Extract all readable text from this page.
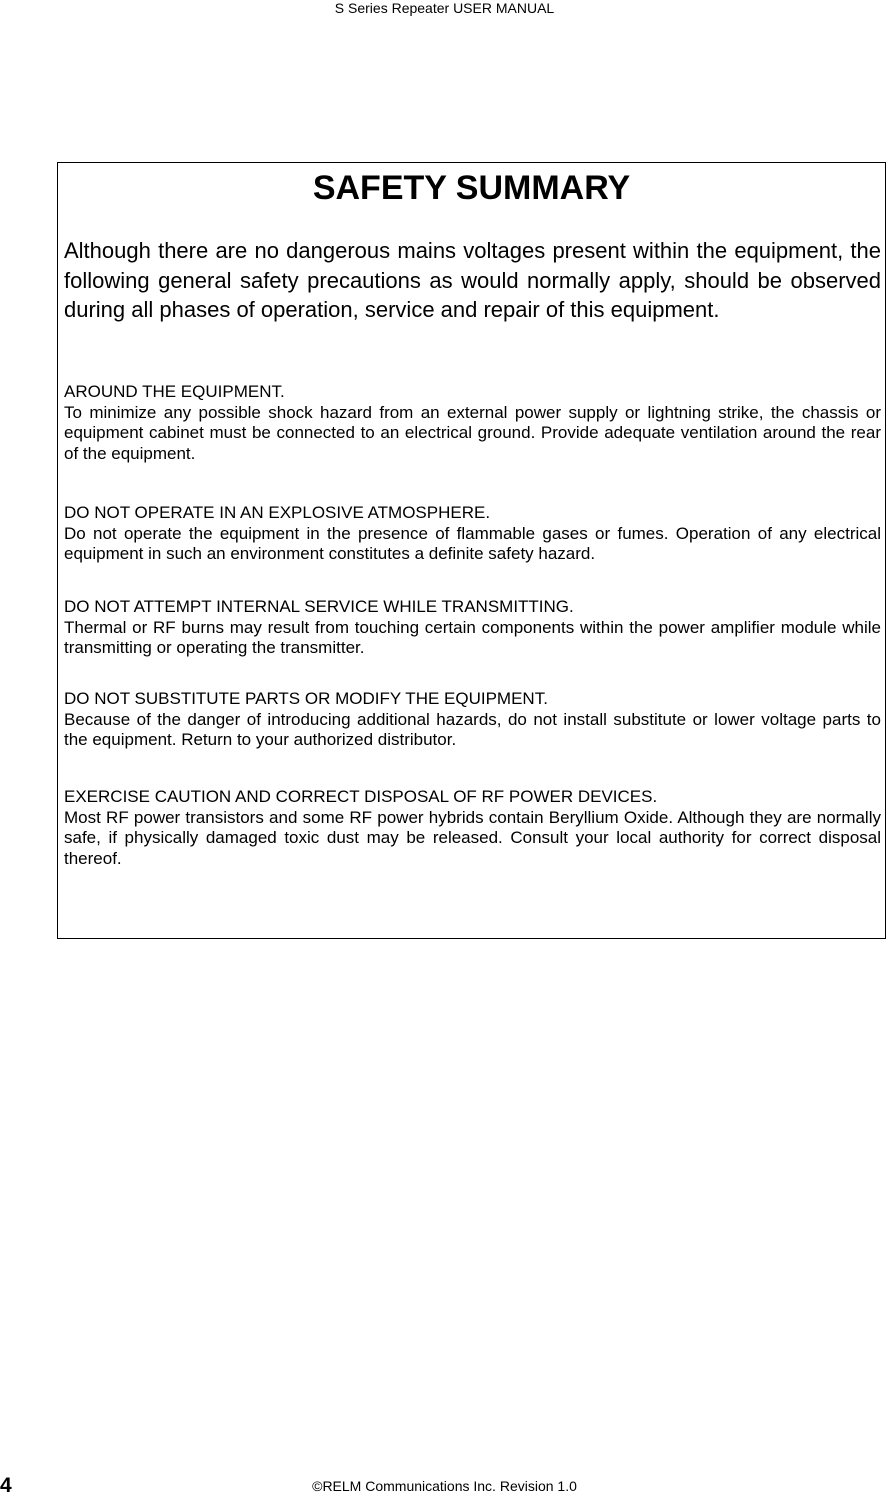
S Series Repeater USER MANUAL
SAFETY SUMMARY

Although there are no dangerous mains voltages present within the equipment, the following general safety precautions as would normally apply, should be observed during all phases of operation, service and repair of this equipment.

AROUND THE EQUIPMENT.
To minimize any possible shock hazard from an external power supply or lightning strike, the chassis or equipment cabinet must be connected to an electrical ground. Provide adequate ventilation around the rear of the equipment.
DO NOT OPERATE IN AN EXPLOSIVE ATMOSPHERE.
Do not operate the equipment in the presence of flammable gases or fumes. Operation of any electrical equipment in such an environment constitutes a definite safety hazard.
DO NOT ATTEMPT INTERNAL SERVICE WHILE TRANSMITTING.
Thermal or RF burns may result from touching certain components within the power amplifier module while transmitting or operating the transmitter.
DO NOT SUBSTITUTE PARTS OR MODIFY THE EQUIPMENT.
Because of the danger of introducing additional hazards, do not install substitute or lower voltage parts to the equipment. Return to your authorized distributor.
EXERCISE CAUTION AND CORRECT DISPOSAL OF RF POWER DEVICES.
Most RF power transistors and some RF power hybrids contain Beryllium Oxide. Although they are normally safe, if physically damaged toxic dust may be released. Consult your local authority for correct disposal thereof.
4	©RELM Communications Inc. Revision 1.0
